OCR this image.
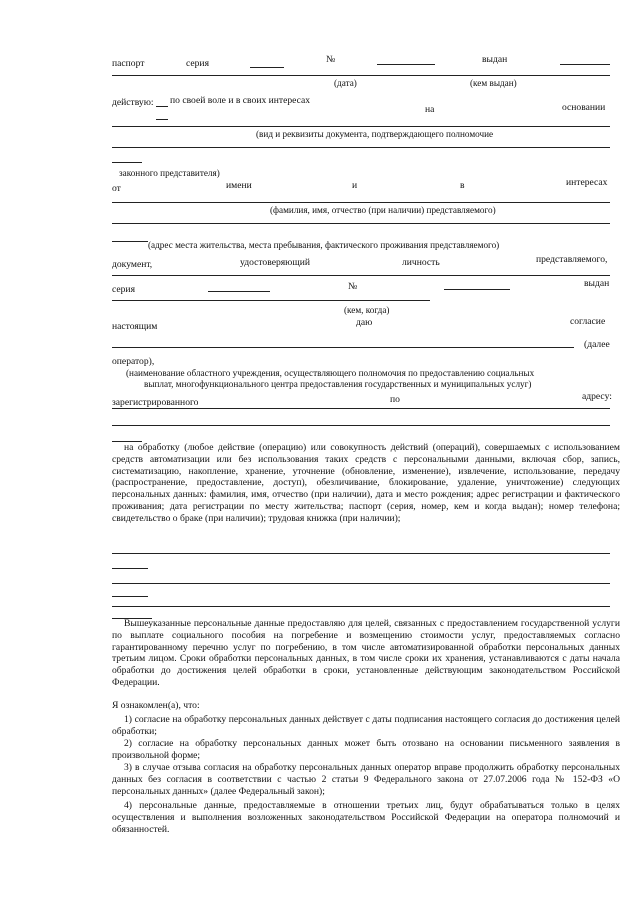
паспорт	серия	№	выдан
(дата)	(кем выдан)
действую: по своей воле и в своих интересах
на	основании
(вид и реквизиты документа, подтверждающего полномочие
законного представителя)
от	имени	и	в	интересах
(фамилия, имя, отчество (при наличии) представляемого)
(адрес места жительства, места пребывания, фактического проживания представляемого)
документ,	удостоверяющий	личность	представляемого,
серия	№	выдан
(кем, когда)
настоящим	даю	согласие
(далее
оператор),
(наименование областного учреждения, осуществляющего полномочия по предоставлению социальных
выплат, многофункционального центра предоставления государственных и муниципальных услуг)
зарегистрированного	по	адресу:
на обработку (любое действие (операцию) или совокупность действий (операций), совершаемых с использованием средств автоматизации или без использования таких средств с персональными данными, включая сбор, запись, систематизацию, накопление, хранение, уточнение (обновление, изменение), извлечение, использование, передачу (распространение, предоставление, доступ), обезличивание, блокирование, удаление, уничтожение) следующих персональных данных: фамилия, имя, отчество (при наличии), дата и место рождения; адрес регистрации и фактического проживания; дата регистрации по месту жительства; паспорт (серия, номер, кем и когда выдан); номер телефона; свидетельство о браке (при наличии); трудовая книжка (при наличии);
Вышеуказанные персональные данные предоставляю для целей, связанных с предоставлением государственной услуги по выплате социального пособия на погребение и возмещению стоимости услуг, предоставляемых согласно гарантированному перечню услуг по погребению, в том числе автоматизированной обработки персональных данных третьим лицом. Сроки обработки персональных данных, в том числе сроки их хранения, устанавливаются с даты начала обработки до достижения целей обработки в сроки, установленные действующим законодательством Российской Федерации.
Я ознакомлен(а), что:
1) согласие на обработку персональных данных действует с даты подписания настоящего согласия до достижения целей обработки;
2) согласие на обработку персональных данных может быть отозвано на основании письменного заявления в произвольной форме;
3) в случае отзыва согласия на обработку персональных данных оператор вправе продолжить обработку персональных данных без согласия в соответствии с частью 2 статьи 9 Федерального закона от 27.07.2006 года № 152-ФЗ «О персональных данных» (далее Федеральный закон);
4) персональные данные, предоставляемые в отношении третьих лиц, будут обрабатываться только в целях осуществления и выполнения возложенных законодательством Российской Федерации на оператора полномочий и обязанностей.
